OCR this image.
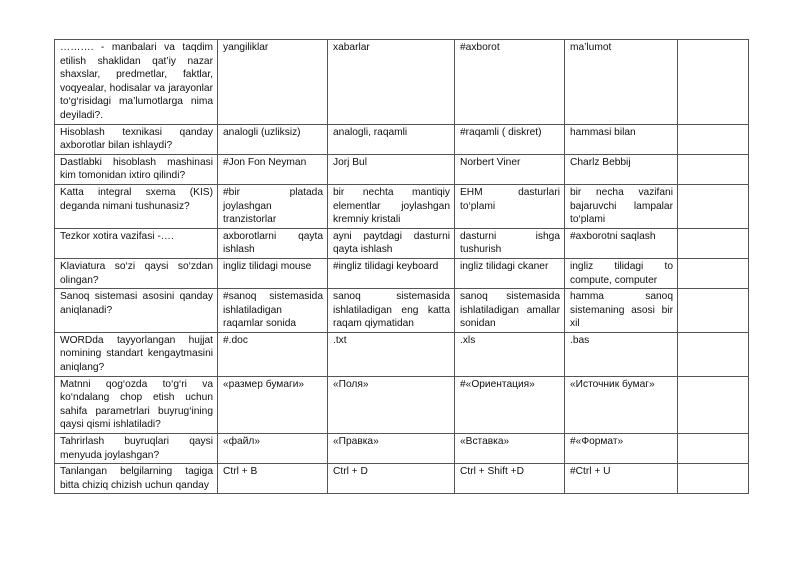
………. - manbalari va taqdim etilish shaklidan qat’iy nazar shaxslar, predmetlar, faktlar, voqyealar, hodisalar va jarayonlar to‘g‘risidagi ma’lumotlarga nima deyiladi?.	yangiliklar	xabarlar	#axborot	ma’lumot	
Hisoblash texnikasi qanday axborotlar bilan ishlaydi?	analogli (uzliksiz)	analogli, raqamli	#raqamli ( diskret)	hammasi bilan	
Dastlabki hisoblash mashinasi kim tomonidan ixtiro qilindi?	#Jon Fon Neyman	Jorj Bul	Norbert Viner	Charlz Bebbij	
Katta integral sxema (KIS) deganda nimani tushunasiz?	#bir platada joylashgan tranzistorlar	bir nechta mantiqiy elementlar joylashgan kremniy kristali	EHM dasturlari to‘plami	bir necha vazifani bajaruvchi lampalar to‘plami	
Tezkor xotira vazifasi -….	axborotlarni qayta ishlash	ayni paytdagi dasturni qayta ishlash	dasturni ishga tushurish	#axborotni saqlash	
Klaviatura so‘zi qaysi so‘zdan olingan?	ingliz tilidagi mouse	#ingliz tilidagi keyboard	ingliz tilidagi ckaner	ingliz tilidagi to compute, computer	
Sanoq sistemasi asosini qanday aniqlanadi?	#sanoq sistemasida ishlatiladigan raqamlar sonida	sanoq sistemasida ishlatiladigan eng katta raqam qiymatidan	sanoq sistemasida ishlatiladigan amallar sonidan	hamma sanoq sistemaning asosi bir xil	
WORDda tayyorlangan hujjat nomining standart kengaytmasini aniqlang?	#.doc	.txt	.xls	.bas	
Matnni qog‘ozda to‘g‘ri va ko‘ndalang chop etish uchun sahifa parametrlari buyrug‘ining qaysi qismi ishlatiladi?	«размер бумаги»	«Поля»	#«Ориентация»	«Источник бумаг»	
Tahrirlash buyruqlari qaysi menyuda joylashgan?	«файл»	«Правка»	«Вставка»	#«Формат»	
Tanlangan belgilarning tagiga bitta chiziq chizish uchun qanday	Ctrl + B	Ctrl + D	Ctrl + Shift +D	#Ctrl + U	
